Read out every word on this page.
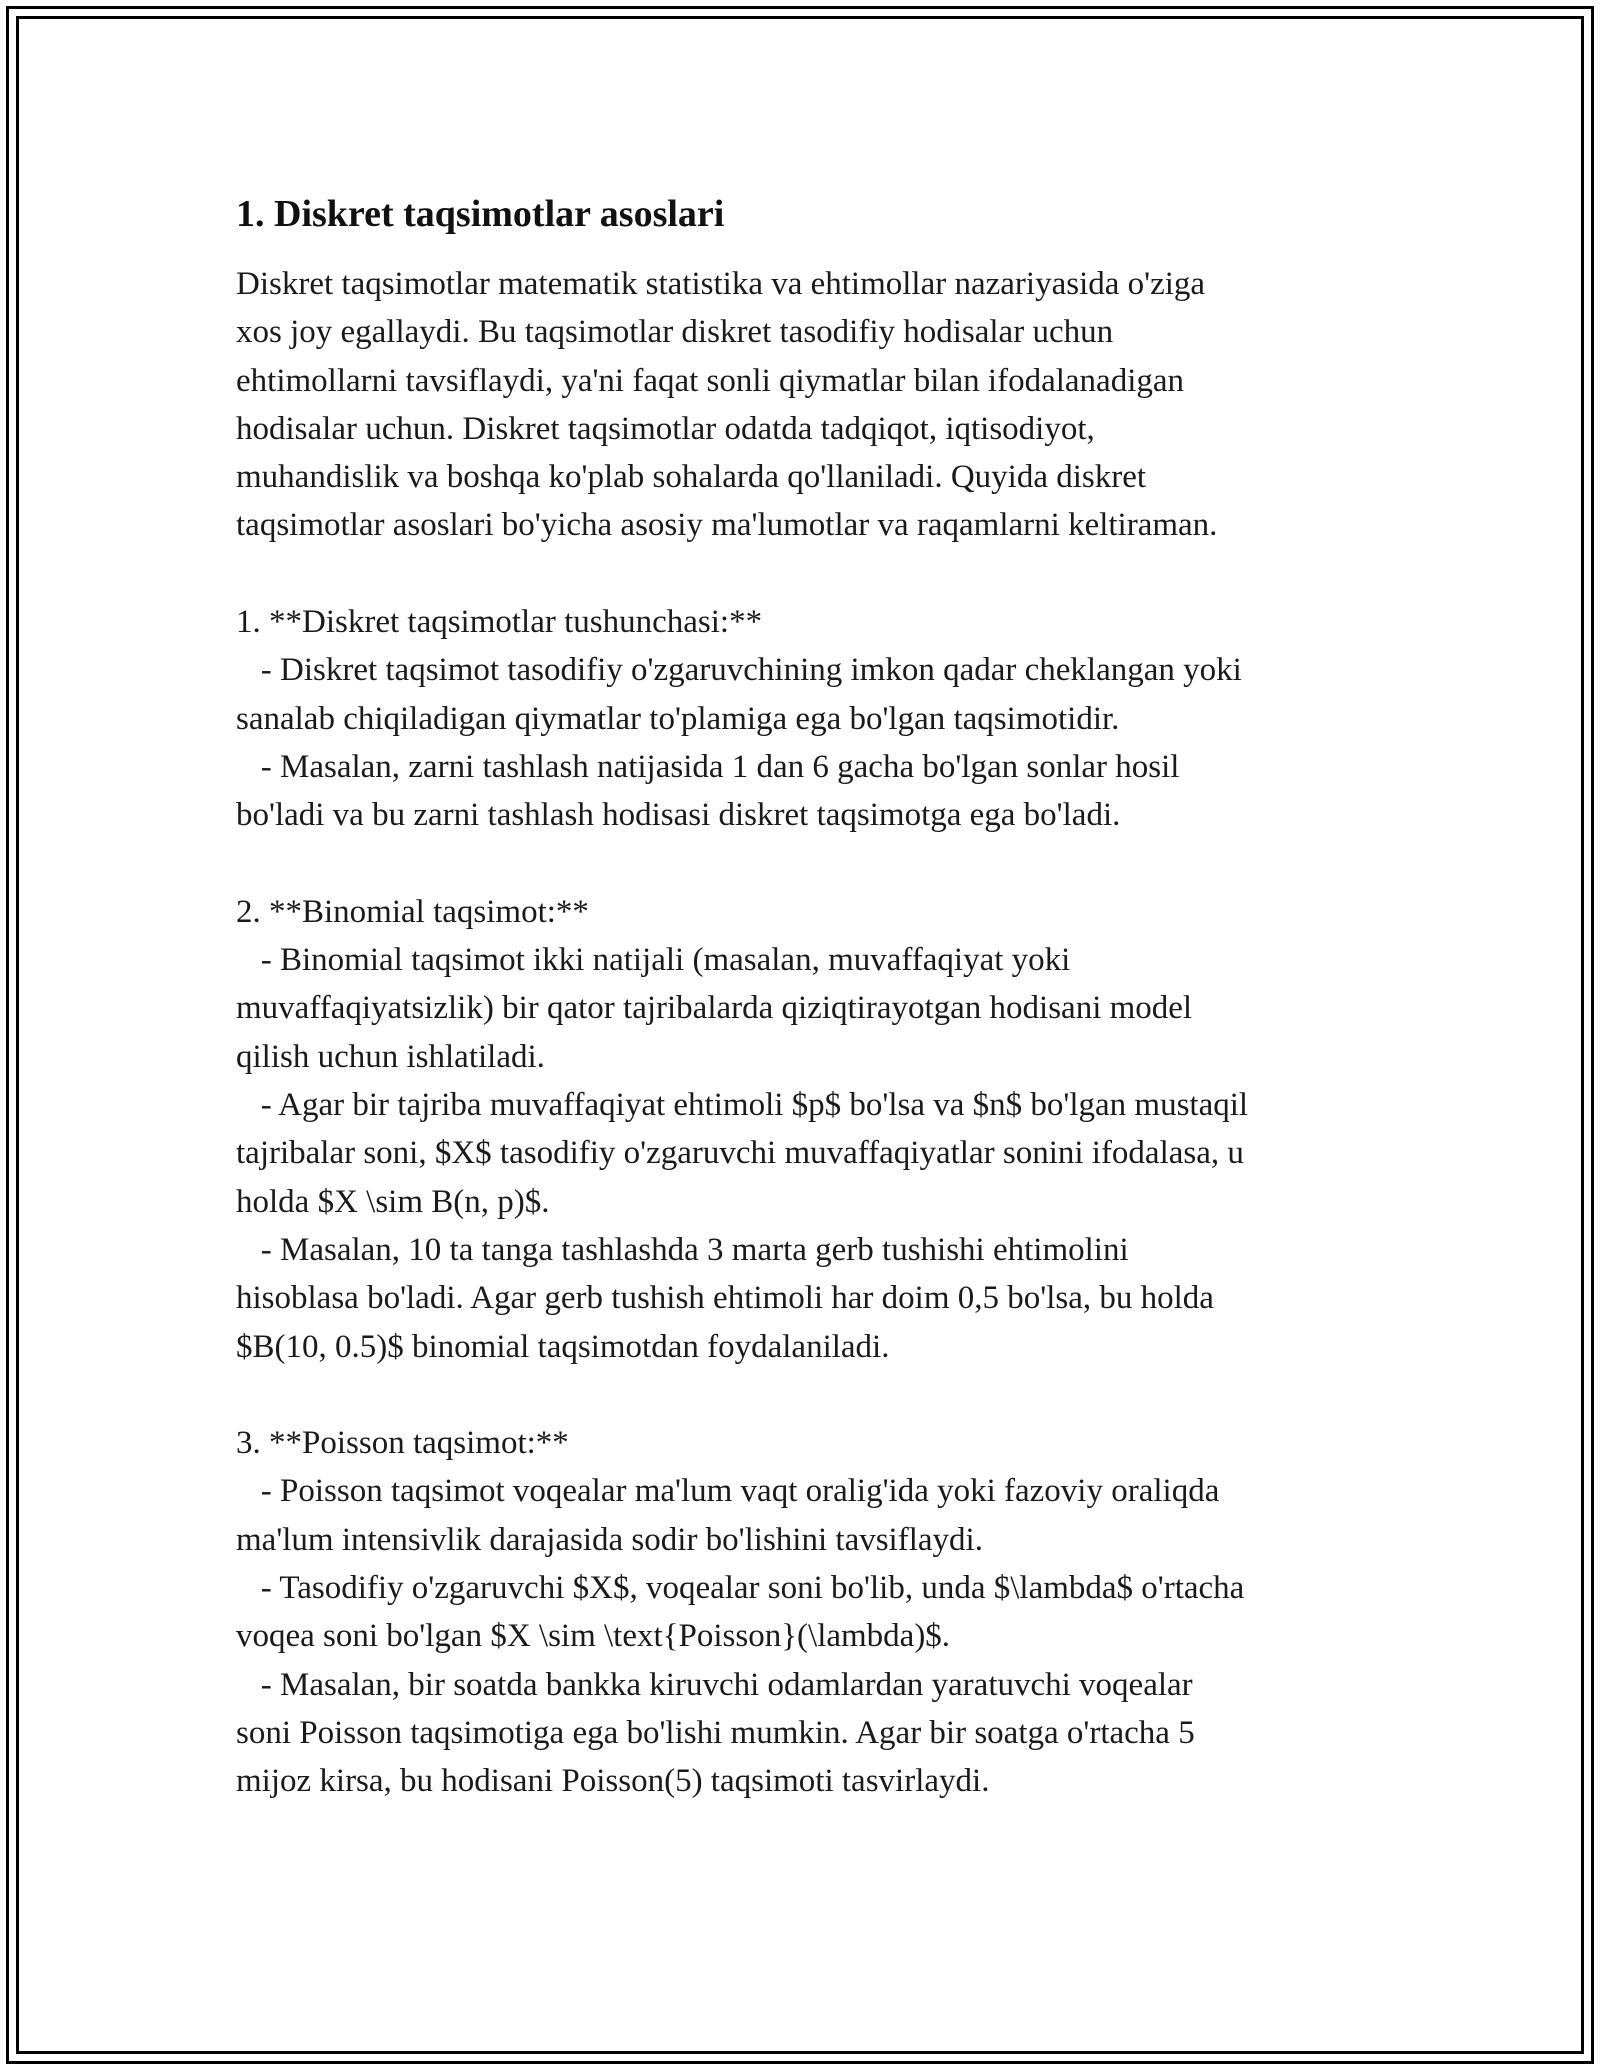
1. Diskret taqsimotlar asoslari

Diskret taqsimotlar matematik statistika va ehtimollar nazariyasida o'ziga
xos joy egallaydi. Bu taqsimotlar diskret tasodifiy hodisalar uchun
ehtimollarni tavsiflaydi, ya'ni faqat sonli qiymatlar bilan ifodalanadigan
hodisalar uchun. Diskret taqsimotlar odatda tadqiqot, iqtisodiyot,
muhandislik va boshqa ko'plab sohalarda qo'llaniladi. Quyida diskret
taqsimotlar asoslari bo'yicha asosiy ma'lumotlar va raqamlarni keltiraman.

1. **Diskret taqsimotlar tushunchasi:**
- Diskret taqsimot tasodifiy o'zgaruvchining imkon qadar cheklangan yoki
sanalab chiqiladigan qiymatlar to'plamiga ega bo'lgan taqsimotidir.
- Masalan, zarni tashlash natijasida 1 dan 6 gacha bo'lgan sonlar hosil
bo'ladi va bu zarni tashlash hodisasi diskret taqsimotga ega bo'ladi.

2. **Binomial taqsimot:**
- Binomial taqsimot ikki natijali (masalan, muvaffaqiyat yoki
muvaffaqiyatsizlik) bir qator tajribalarda qiziqtirayotgan hodisani model
qilish uchun ishlatiladi.
- Agar bir tajriba muvaffaqiyat ehtimoli $p$ bo'lsa va $n$ bo'lgan mustaqil
tajribalar soni, $X$ tasodifiy o'zgaruvchi muvaffaqiyatlar sonini ifodalasa, u
holda $X \sim B(n, p)$.
- Masalan, 10 ta tanga tashlashda 3 marta gerb tushishi ehtimolini
hisoblasa bo'ladi. Agar gerb tushish ehtimoli har doim 0,5 bo'lsa, bu holda
$B(10, 0.5)$ binomial taqsimotdan foydalaniladi.

3. **Poisson taqsimot:**
- Poisson taqsimot voqealar ma'lum vaqt oralig'ida yoki fazoviy oraliqda
ma'lum intensivlik darajasida sodir bo'lishini tavsiflaydi.
- Tasodifiy o'zgaruvchi $X$, voqealar soni bo'lib, unda $\lambda$ o'rtacha
voqea soni bo'lgan $X \sim \text{Poisson}(\lambda)$.
- Masalan, bir soatda bankka kiruvchi odamlardan yaratuvchi voqealar
soni Poisson taqsimotiga ega bo'lishi mumkin. Agar bir soatga o'rtacha 5
mijoz kirsa, bu hodisani Poisson(5) taqsimoti tasvirlaydi.
